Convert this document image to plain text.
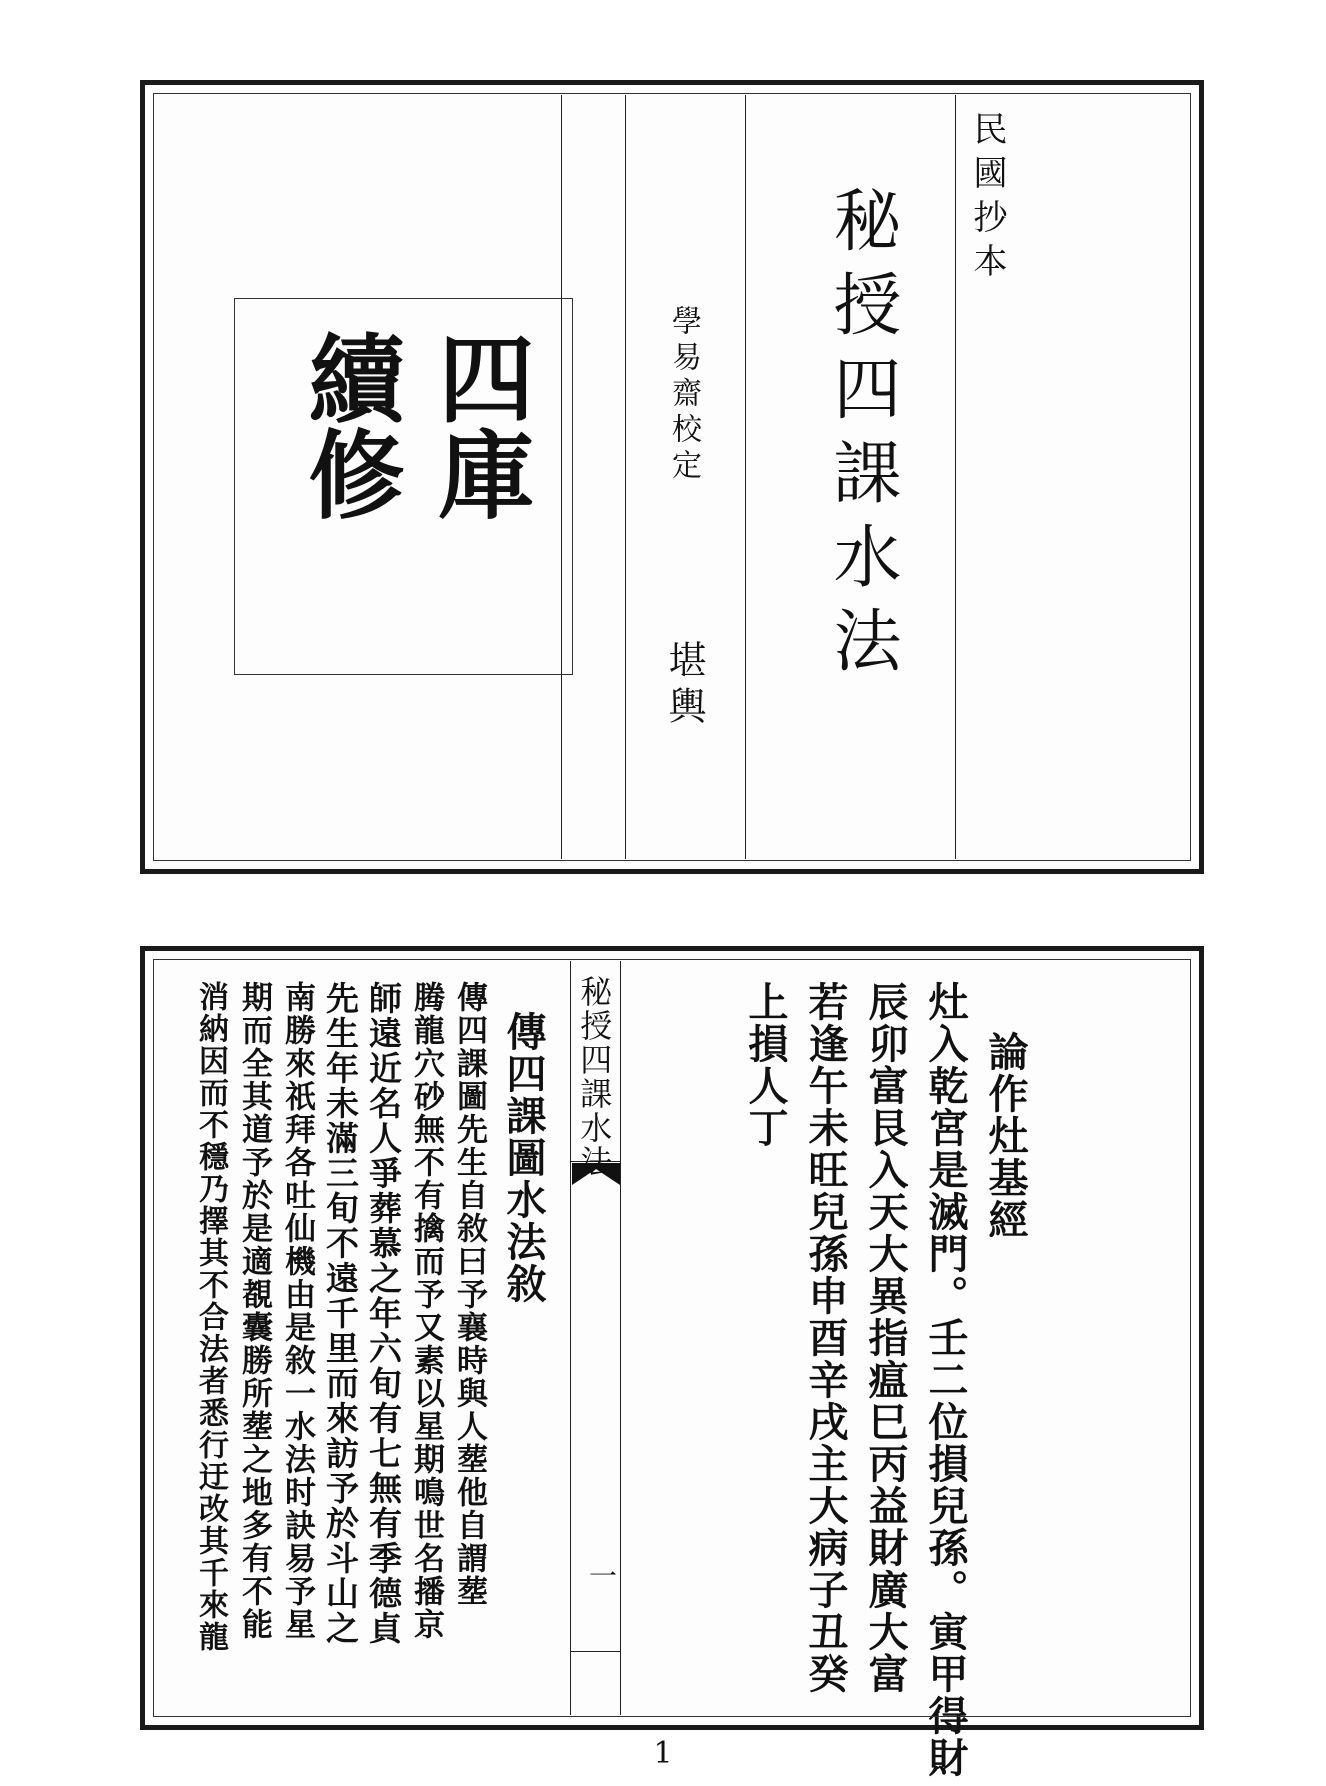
四庫
續修	學易齋校定
堪輿 秘授四課水法 民國抄本
秘授四課水法
一
論作灶基經
灶入乾宮是滅門。壬二位損兒孫。寅甲得財
辰卯富艮入天大異指瘟巳丙益財廣大富
若逢午未旺兒孫申酉辛戌主大病子丑癸
上損人丁
傳四課圖水法敘
傳四課圖先生自敘曰予襄時與人塟他自謂塟
腾龍穴砂無不有擒而予又素以星期鳴世名播京
師遠近名人爭葬慕之年六旬有七無有季德貞
先生年未滿三旬不遠千里而來訪予於斗山之
南勝來祇拜各吐仙機由是敘一水法时訣易予星
期而全其道予於是適覩囊勝所塟之地多有不能
消納因而不穩乃擇其不合法者悉行迂改其千來龍
1
